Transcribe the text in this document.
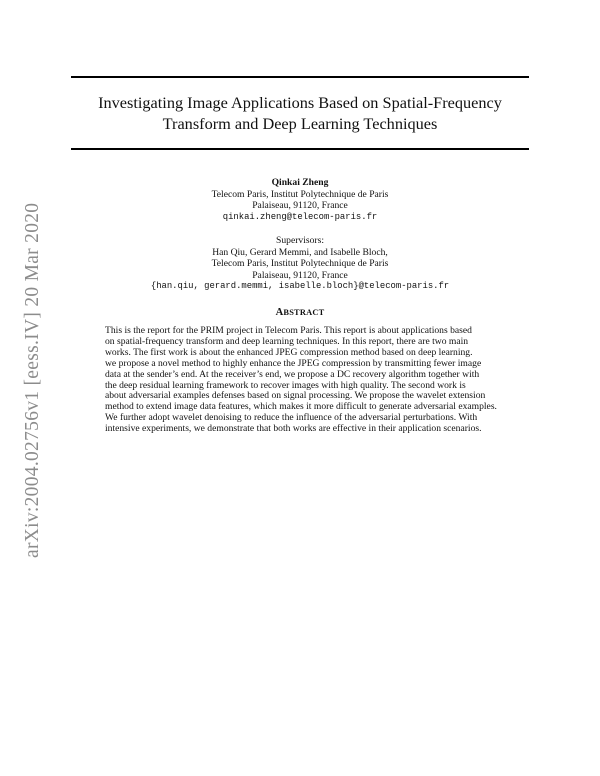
arXiv:2004.02756v1 [eess.IV] 20 Mar 2020
Investigating Image Applications Based on Spatial-Frequency
Transform and Deep Learning Techniques
Qinkai Zheng
Telecom Paris, Institut Polytechnique de Paris
Palaiseau, 91120, France
qinkai.zheng@telecom-paris.fr
Supervisors:
Han Qiu, Gerard Memmi, and Isabelle Bloch,
Telecom Paris, Institut Polytechnique de Paris
Palaiseau, 91120, France
{han.qiu, gerard.memmi, isabelle.bloch}@telecom-paris.fr
ABSTRACT
This is the report for the PRIM project in Telecom Paris. This report is about applications based
on spatial-frequency transform and deep learning techniques. In this report, there are two main
works. The first work is about the enhanced JPEG compression method based on deep learning.
we propose a novel method to highly enhance the JPEG compression by transmitting fewer image
data at the sender’s end. At the receiver’s end, we propose a DC recovery algorithm together with
the deep residual learning framework to recover images with high quality. The second work is
about adversarial examples defenses based on signal processing. We propose the wavelet extension
method to extend image data features, which makes it more difficult to generate adversarial examples.
We further adopt wavelet denoising to reduce the influence of the adversarial perturbations. With
intensive experiments, we demonstrate that both works are effective in their application scenarios.
